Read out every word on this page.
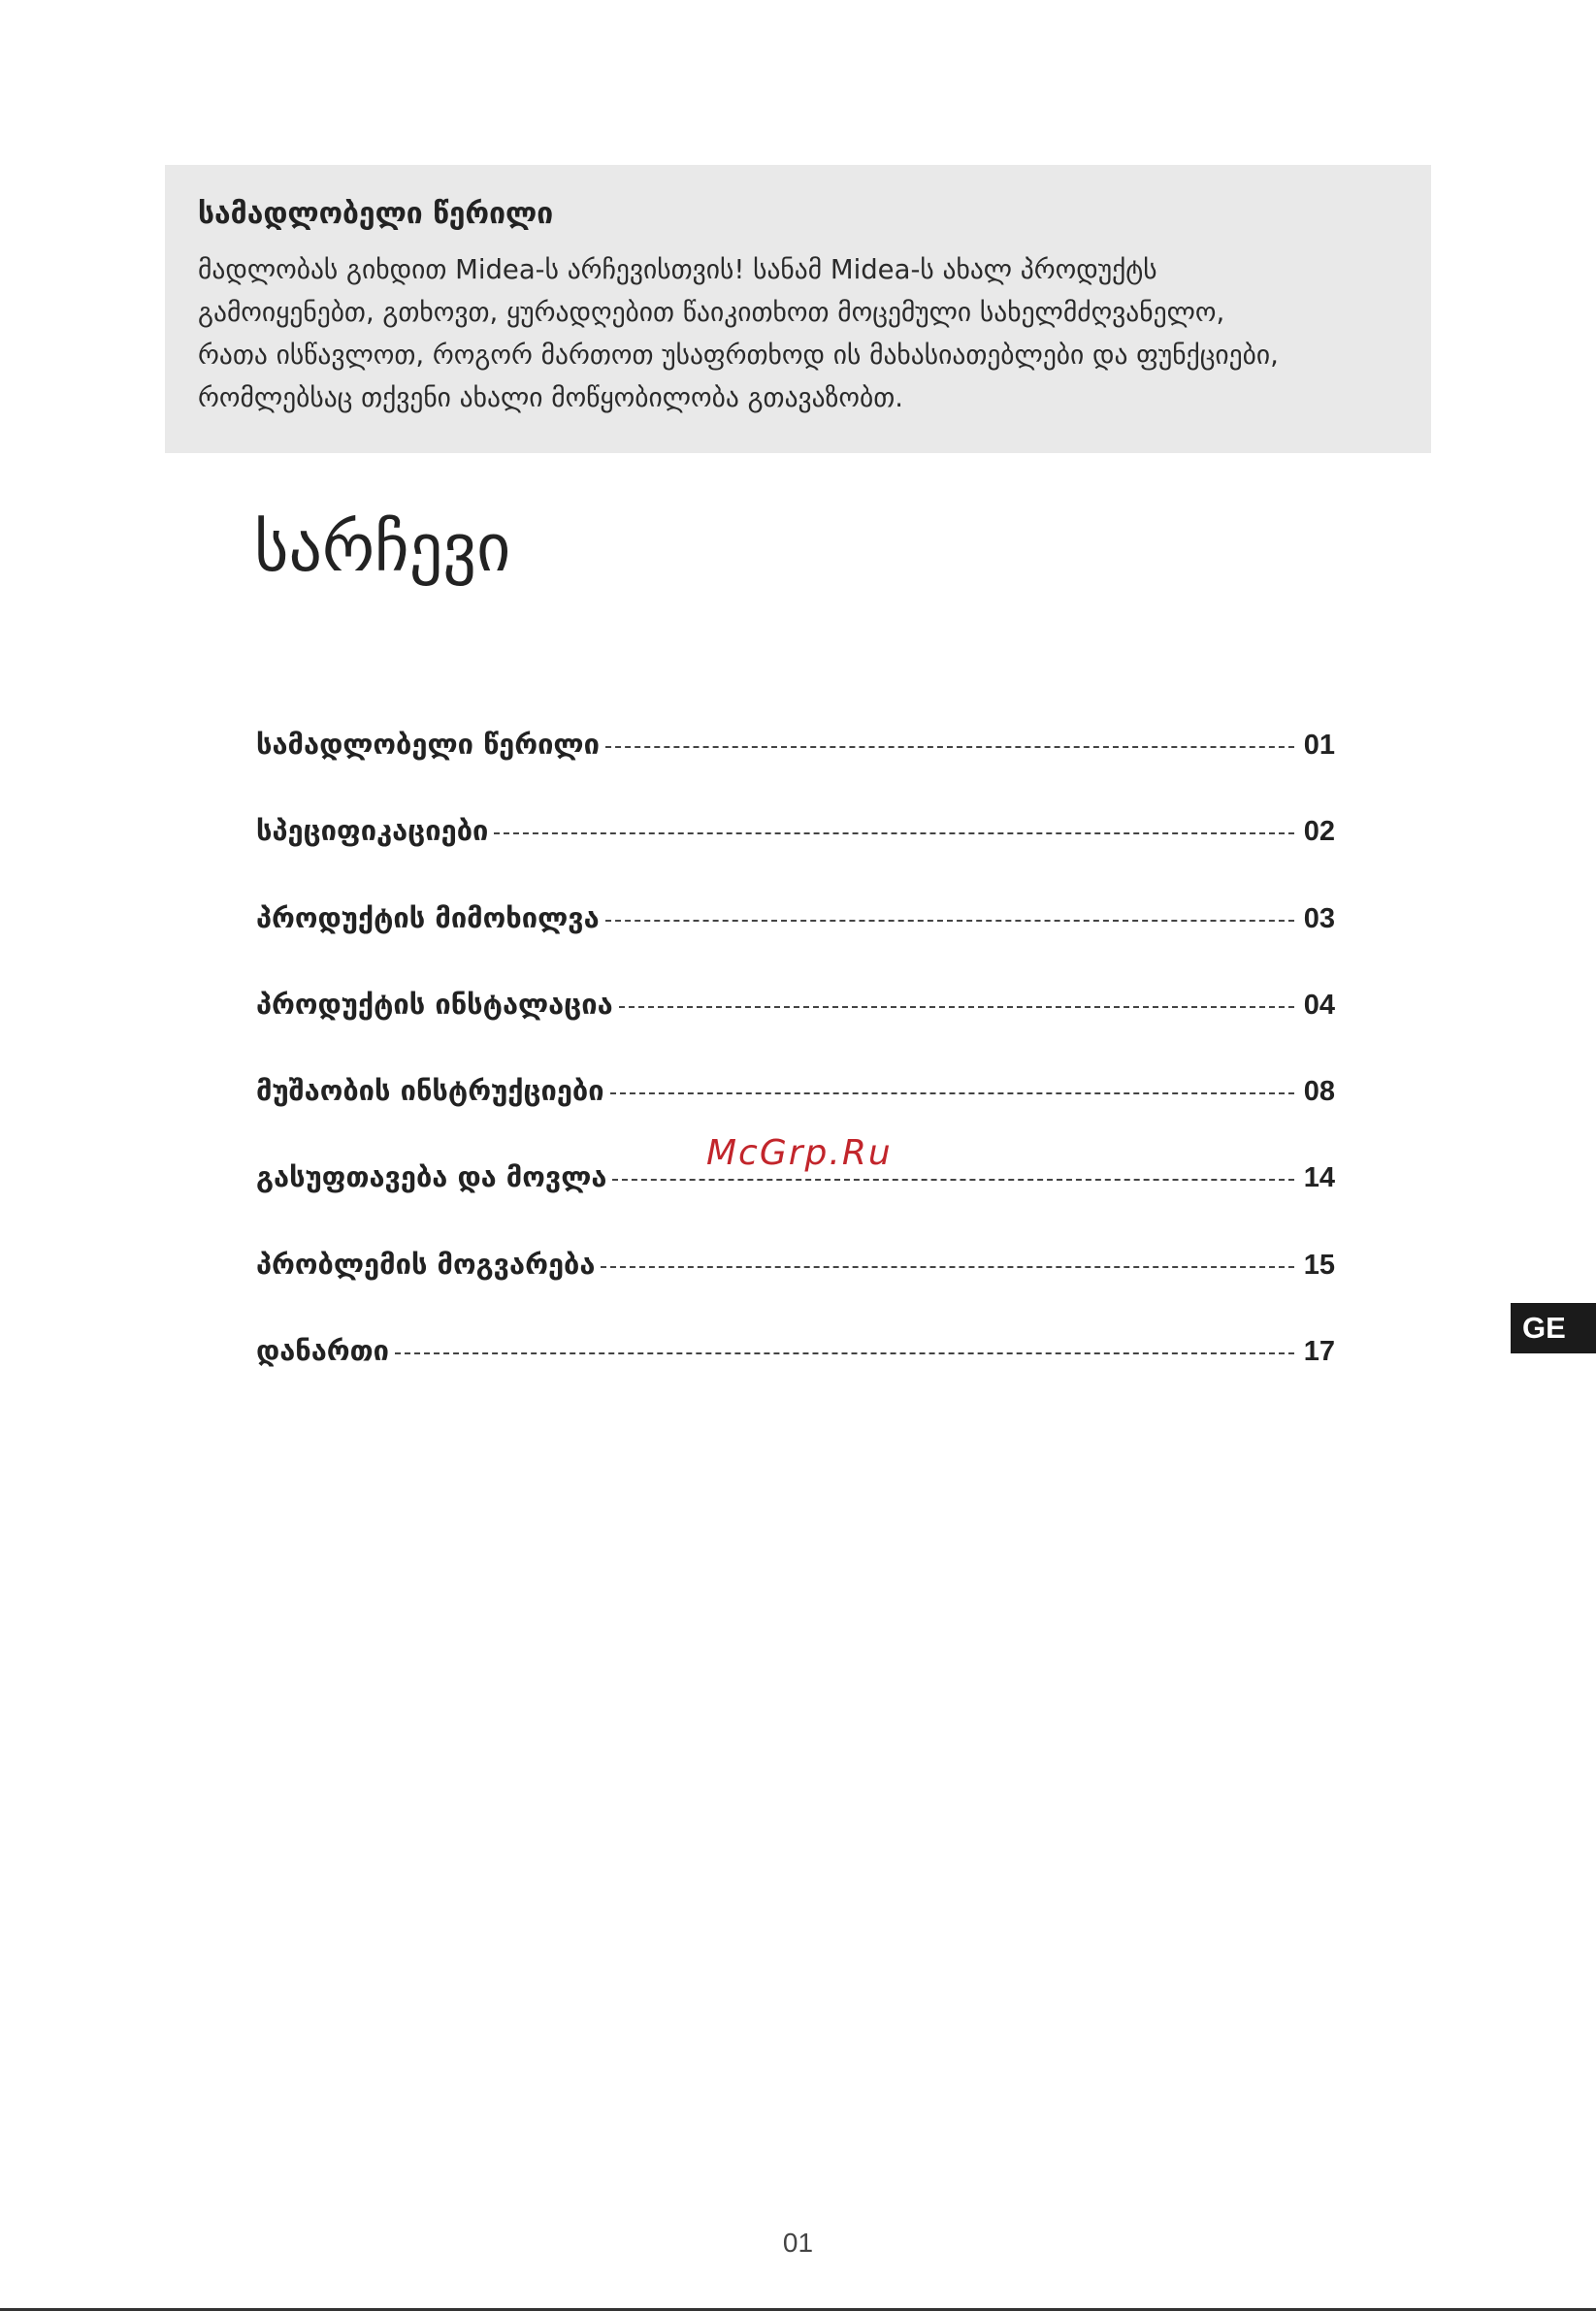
სამადლობელი წერილი
მადლობას გიხდით Midea-ს არჩევისთვის! სანამ Midea-ს ახალ პროდუქტს
გამოიყენებთ, გთხოვთ, ყურადღებით წაიკითხოთ მოცემული სახელმძღვანელო,
რათა ისწავლოთ, როგორ მართოთ უსაფრთხოდ ის მახასიათებლები და ფუნქციები,
რომლებსაც თქვენი ახალი მოწყობილობა გთავაზობთ.
სარჩევი
სამადლობელი წერილი	01
სპეციფიკაციები	02
პროდუქტის მიმოხილვა	03
პროდუქტის ინსტალაცია	04
მუშაობის ინსტრუქციები	08
გასუფთავება და მოვლა	14
პრობლემის მოგვარება	15
დანართი	17
McGrp.Ru
GE
01
